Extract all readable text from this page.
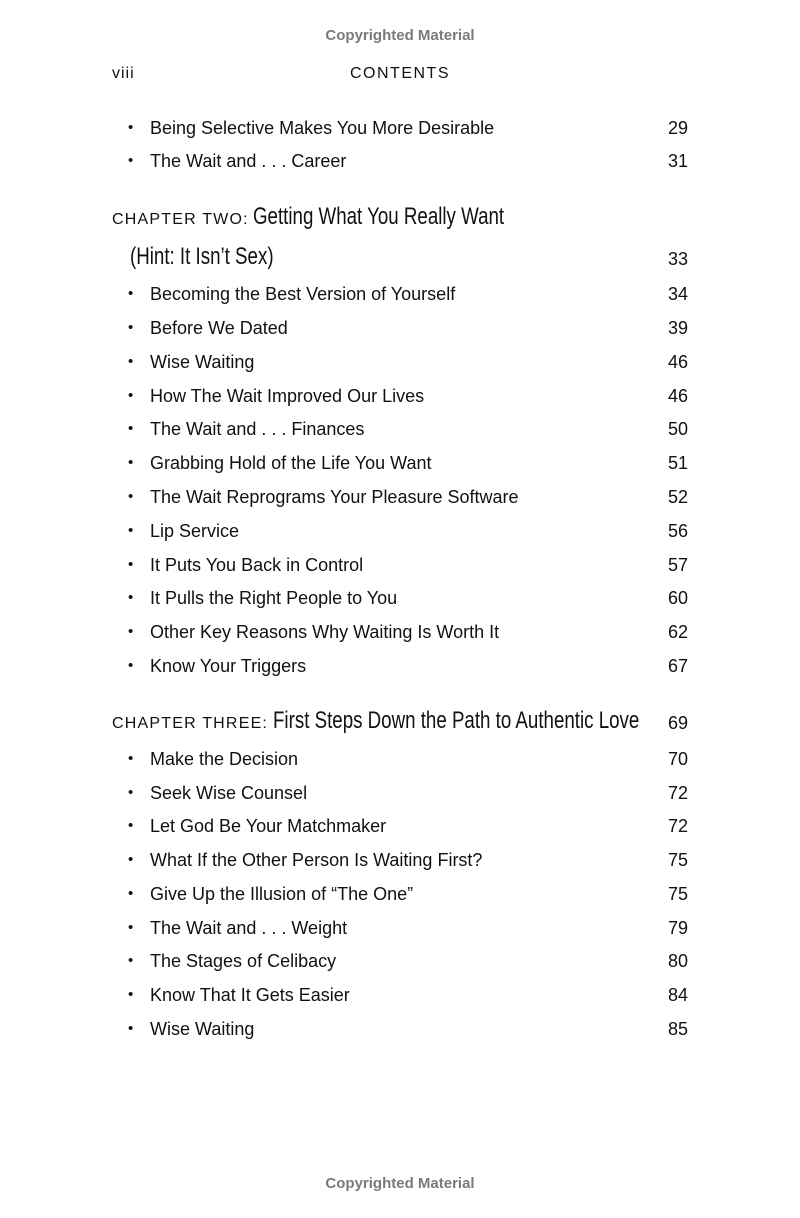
Copyrighted Material
viii	CONTENTS
• Being Selective Makes You More Desirable	29
• The Wait and . . . Career	31
CHAPTER TWO: Getting What You Really Want
(Hint: It Isn’t Sex)	33
• Becoming the Best Version of Yourself	34
• Before We Dated	39
• Wise Waiting	46
• How The Wait Improved Our Lives	46
• The Wait and . . . Finances	50
• Grabbing Hold of the Life You Want	51
• The Wait Reprograms Your Pleasure Software	52
• Lip Service	56
• It Puts You Back in Control	57
• It Pulls the Right People to You	60
• Other Key Reasons Why Waiting Is Worth It	62
• Know Your Triggers	67
CHAPTER THREE: First Steps Down the Path to Authentic Love	69
• Make the Decision	70
• Seek Wise Counsel	72
• Let God Be Your Matchmaker	72
• What If the Other Person Is Waiting First?	75
• Give Up the Illusion of “The One”	75
• The Wait and . . . Weight	79
• The Stages of Celibacy	80
• Know That It Gets Easier	84
• Wise Waiting	85
Copyrighted Material
